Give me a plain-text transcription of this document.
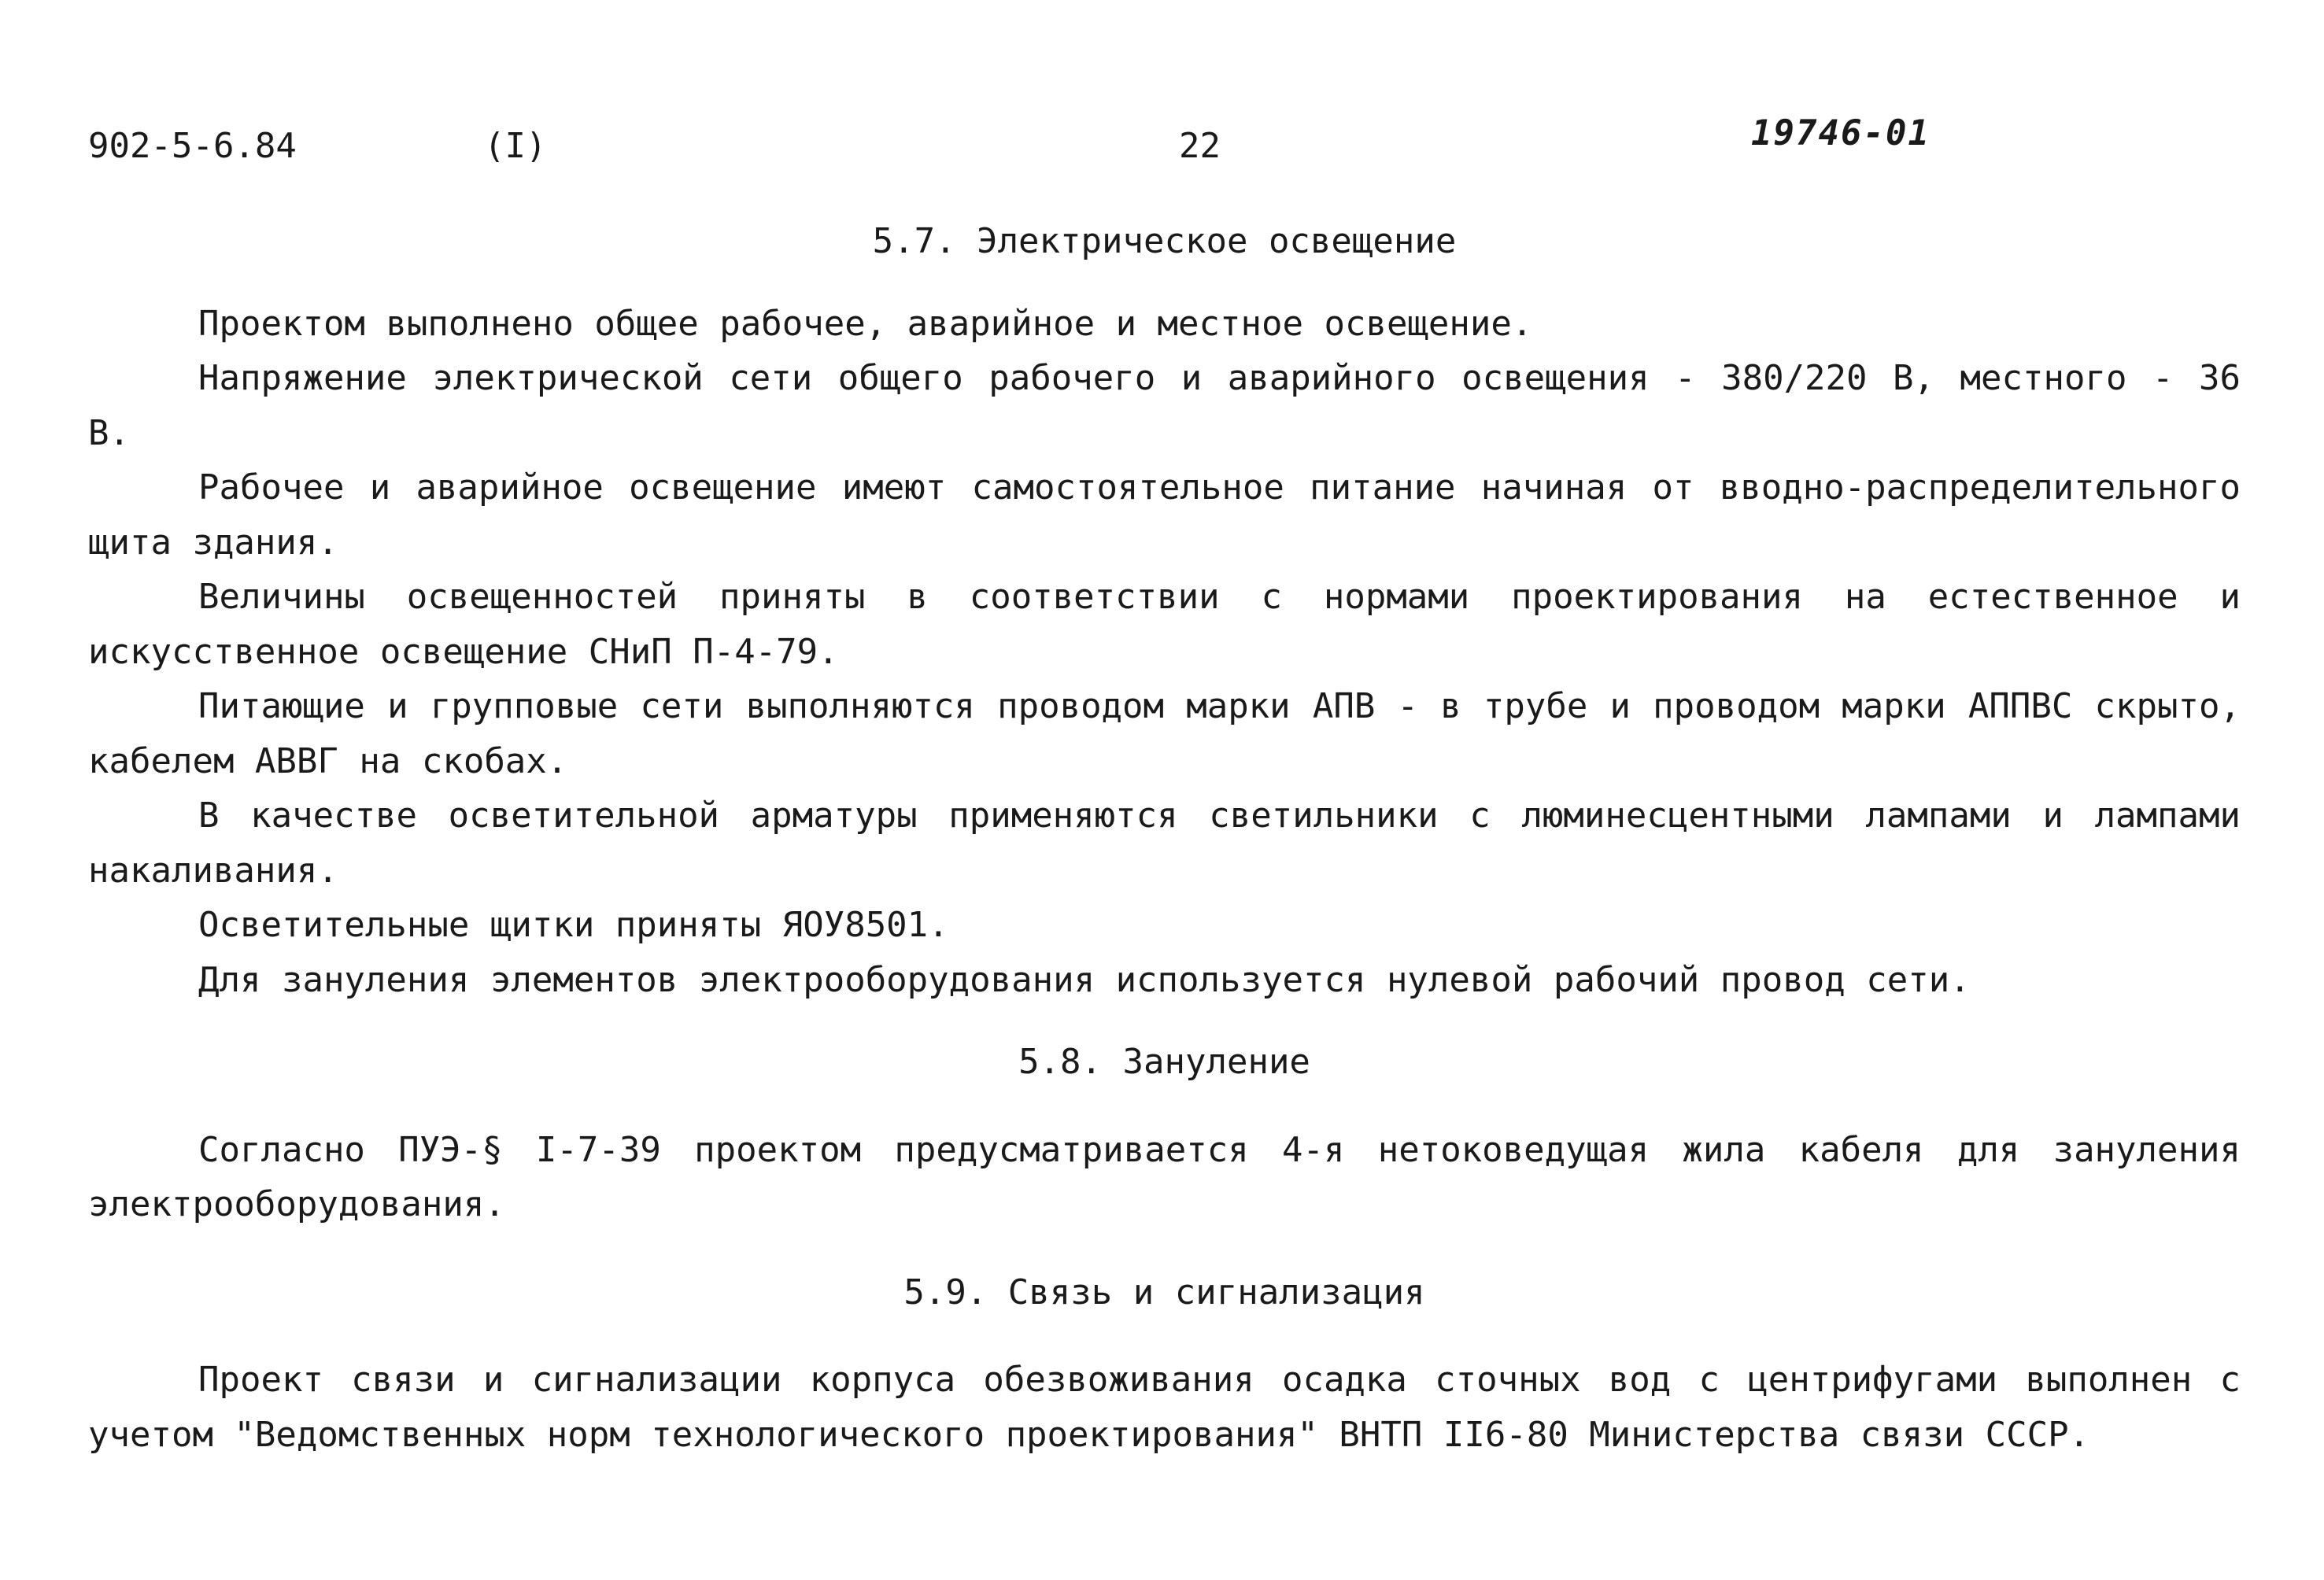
902-5-6.84	(I)	22	19746-01
5.7. Электрическое освещение

Проектом выполнено общее рабочее, аварийное и местное освещение.

Напряжение электрической сети общего рабочего и аварийного освещения - 380/220 В, местного - 36 В.

Рабочее и аварийное освещение имеют самостоятельное питание начиная от вводно-распределительного щита здания.

Величины освещенностей приняты в соответствии с нормами проектирования на естественное и искусственное освещение СНиП П-4-79.

Питающие и групповые сети выполняются проводом марки АПВ - в трубе и проводом марки АППВС скрыто, кабелем АВВГ на скобах.

В качестве осветительной арматуры применяются светильники с люминесцентными лампами и лампами накаливания.

Осветительные щитки приняты ЯОУ8501.

Для зануления элементов электрооборудования используется нулевой рабочий провод сети.

5.8. Зануление

Согласно ПУЭ-§ I-7-39 проектом предусматривается 4-я нетоковедущая жила кабеля для зануления электрооборудования.

5.9. Связь и сигнализация

Проект связи и сигнализации корпуса обезвоживания осадка сточных вод с центрифугами выполнен с учетом "Ведомственных норм технологического проектирования" ВНТП II6-80 Министерства связи СССР.
